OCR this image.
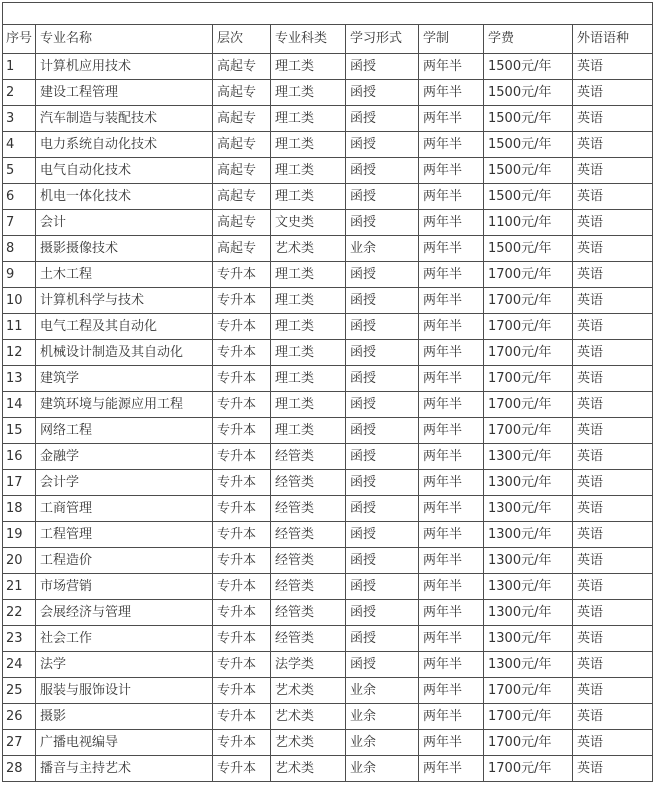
序号	专业名称	层次	专业科类	学习形式	学制	学费	外语语种
1	计算机应用技术	高起专	理工类	函授	两年半	1500元/年	英语
2	建设工程管理	高起专	理工类	函授	两年半	1500元/年	英语
3	汽车制造与装配技术	高起专	理工类	函授	两年半	1500元/年	英语
4	电力系统自动化技术	高起专	理工类	函授	两年半	1500元/年	英语
5	电气自动化技术	高起专	理工类	函授	两年半	1500元/年	英语
6	机电一体化技术	高起专	理工类	函授	两年半	1500元/年	英语
7	会计	高起专	文史类	函授	两年半	1100元/年	英语
8	摄影摄像技术	高起专	艺术类	业余	两年半	1500元/年	英语
9	土木工程	专升本	理工类	函授	两年半	1700元/年	英语
10	计算机科学与技术	专升本	理工类	函授	两年半	1700元/年	英语
11	电气工程及其自动化	专升本	理工类	函授	两年半	1700元/年	英语
12	机械设计制造及其自动化	专升本	理工类	函授	两年半	1700元/年	英语
13	建筑学	专升本	理工类	函授	两年半	1700元/年	英语
14	建筑环境与能源应用工程	专升本	理工类	函授	两年半	1700元/年	英语
15	网络工程	专升本	理工类	函授	两年半	1700元/年	英语
16	金融学	专升本	经管类	函授	两年半	1300元/年	英语
17	会计学	专升本	经管类	函授	两年半	1300元/年	英语
18	工商管理	专升本	经管类	函授	两年半	1300元/年	英语
19	工程管理	专升本	经管类	函授	两年半	1300元/年	英语
20	工程造价	专升本	经管类	函授	两年半	1300元/年	英语
21	市场营销	专升本	经管类	函授	两年半	1300元/年	英语
22	会展经济与管理	专升本	经管类	函授	两年半	1300元/年	英语
23	社会工作	专升本	经管类	函授	两年半	1300元/年	英语
24	法学	专升本	法学类	函授	两年半	1300元/年	英语
25	服装与服饰设计	专升本	艺术类	业余	两年半	1700元/年	英语
26	摄影	专升本	艺术类	业余	两年半	1700元/年	英语
27	广播电视编导	专升本	艺术类	业余	两年半	1700元/年	英语
28	播音与主持艺术	专升本	艺术类	业余	两年半	1700元/年	英语
